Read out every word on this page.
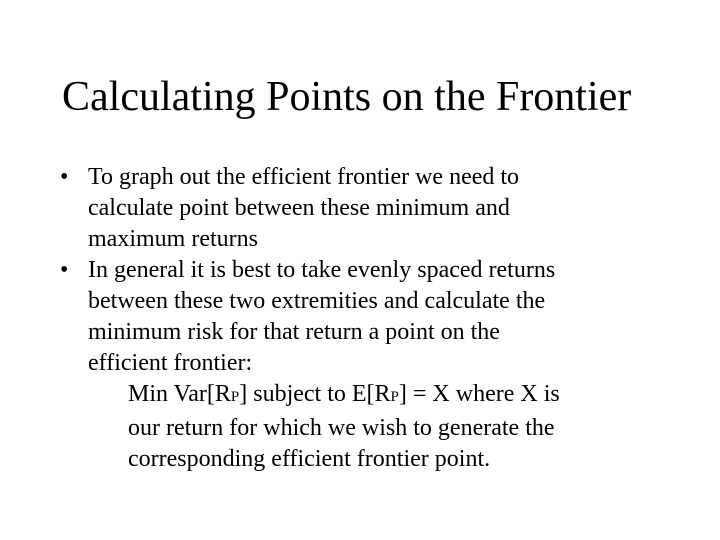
Calculating Points on the Frontier
• To graph out the efficient frontier we need to
calculate point between these minimum and
maximum returns
• In general it is best to take evenly spaced returns
between these two extremities and calculate the
minimum risk for that return a point on the
efficient frontier:
Min Var[RP] subject to E[RP] = X where X is
our return for which we wish to generate the
corresponding efficient frontier point.
